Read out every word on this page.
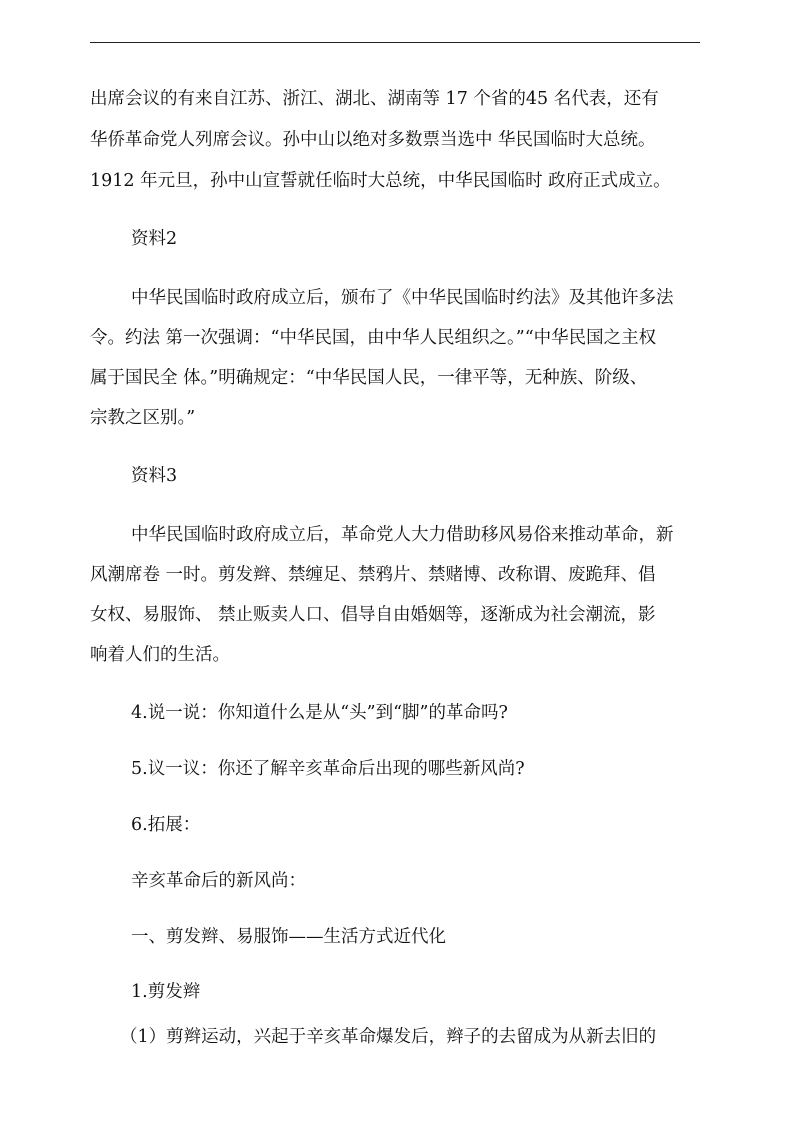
出席会议的有来自江苏、浙江、湖北、湖南等 17 个省的45 名代表，还有
华侨革命党人列席会议。孙中山以绝对多数票当选中 华民国临时大总统。
1912 年元旦，孙中山宣誓就任临时大总统，中华民国临时 政府正式成立。
资料2
中华民国临时政府成立后，颁布了《中华民国临时约法》及其他许多法
令。约法 第一次强调：“中华民国，由中华人民组织之。”“中华民国之主权
属于国民全 体。”明确规定：“中华民国人民，一律平等，无种族、阶级、
宗教之区别。”
资料3
中华民国临时政府成立后，革命党人大力借助移风易俗来推动革命，新
风潮席卷 一时。剪发辫、禁缠足、禁鸦片、禁赌博、改称谓、废跪拜、倡
女权、易服饰、 禁止贩卖人口、倡导自由婚姻等，逐渐成为社会潮流，影
响着人们的生活。
4.说一说：你知道什么是从“头”到“脚”的革命吗?
5.议一议：你还了解辛亥革命后出现的哪些新风尚?
6.拓展：
辛亥革命后的新风尚：
一、剪发辫、易服饰——生活方式近代化
1.剪发辫
（1）剪辫运动，兴起于辛亥革命爆发后，辫子的去留成为从新去旧的
